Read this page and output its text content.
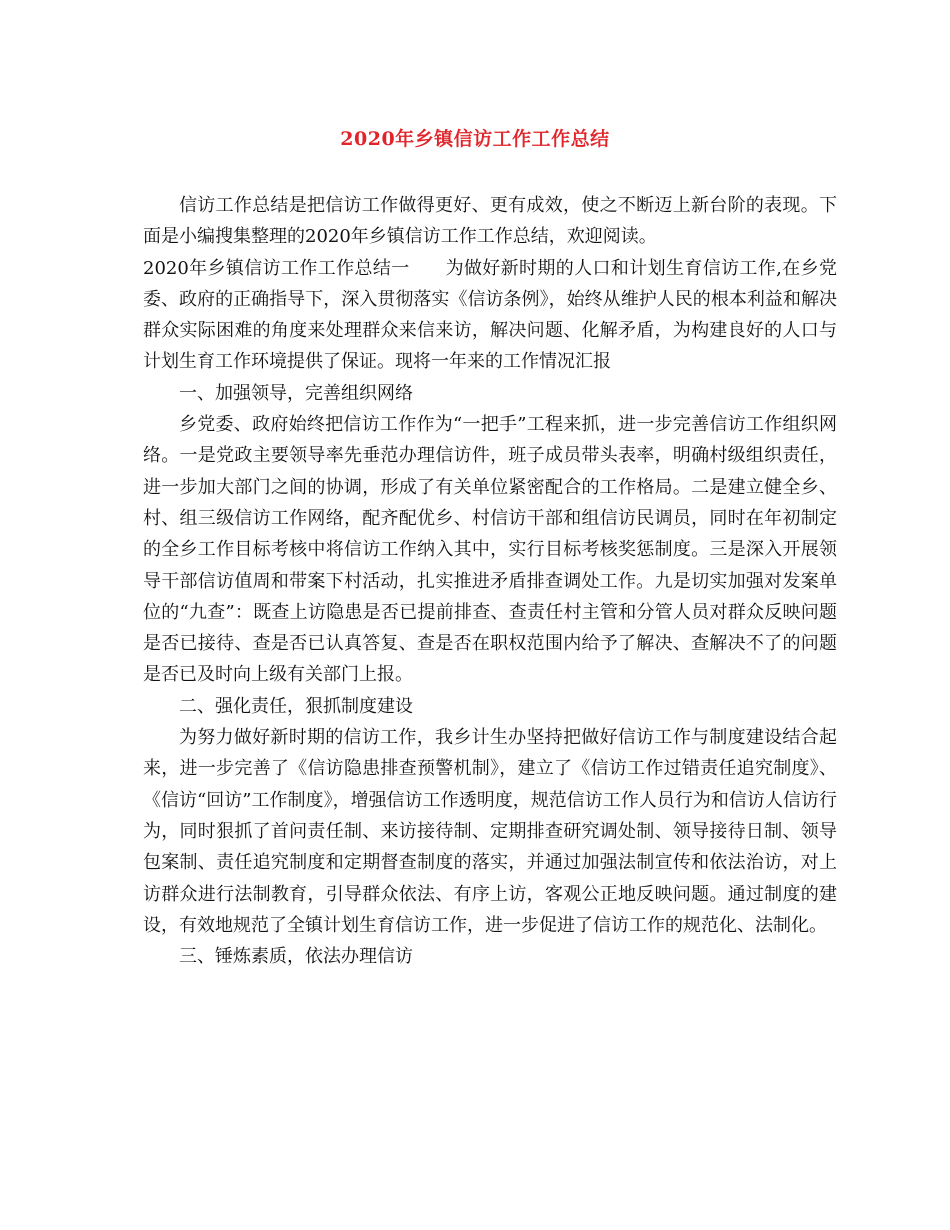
2020年乡镇信访工作工作总结

信访工作总结是把信访工作做得更好、更有成效，使之不断迈上新台阶的表现。下面是小编搜集整理的2020年乡镇信访工作工作总结，欢迎阅读。

2020年乡镇信访工作工作总结一 为做好新时期的人口和计划生育信访工作,在乡党委、政府的正确指导下，深入贯彻落实《信访条例》，始终从维护人民的根本利益和解决群众实际困难的角度来处理群众来信来访，解决问题、化解矛盾，为构建良好的人口与计划生育工作环境提供了保证。现将一年来的工作情况汇报

一、加强领导，完善组织网络

乡党委、政府始终把信访工作作为“一把手”工程来抓，进一步完善信访工作组织网络。一是党政主要领导率先垂范办理信访件，班子成员带头表率，明确村级组织责任，进一步加大部门之间的协调，形成了有关单位紧密配合的工作格局。二是建立健全乡、村、组三级信访工作网络，配齐配优乡、村信访干部和组信访民调员，同时在年初制定的全乡工作目标考核中将信访工作纳入其中，实行目标考核奖惩制度。三是深入开展领导干部信访值周和带案下村活动，扎实推进矛盾排查调处工作。九是切实加强对发案单位的“九查”：既查上访隐患是否已提前排查、查责任村主管和分管人员对群众反映问题是否已接待、查是否已认真答复、查是否在职权范围内给予了解决、查解决不了的问题是否已及时向上级有关部门上报。

二、强化责任，狠抓制度建设

为努力做好新时期的信访工作，我乡计生办坚持把做好信访工作与制度建设结合起来，进一步完善了《信访隐患排查预警机制》，建立了《信访工作过错责任追究制度》、《信访“回访”工作制度》，增强信访工作透明度，规范信访工作人员行为和信访人信访行为，同时狠抓了首问责任制、来访接待制、定期排查研究调处制、领导接待日制、领导包案制、责任追究制度和定期督查制度的落实，并通过加强法制宣传和依法治访，对上访群众进行法制教育，引导群众依法、有序上访，客观公正地反映问题。通过制度的建设，有效地规范了全镇计划生育信访工作，进一步促进了信访工作的规范化、法制化。

三、锤炼素质，依法办理信访
